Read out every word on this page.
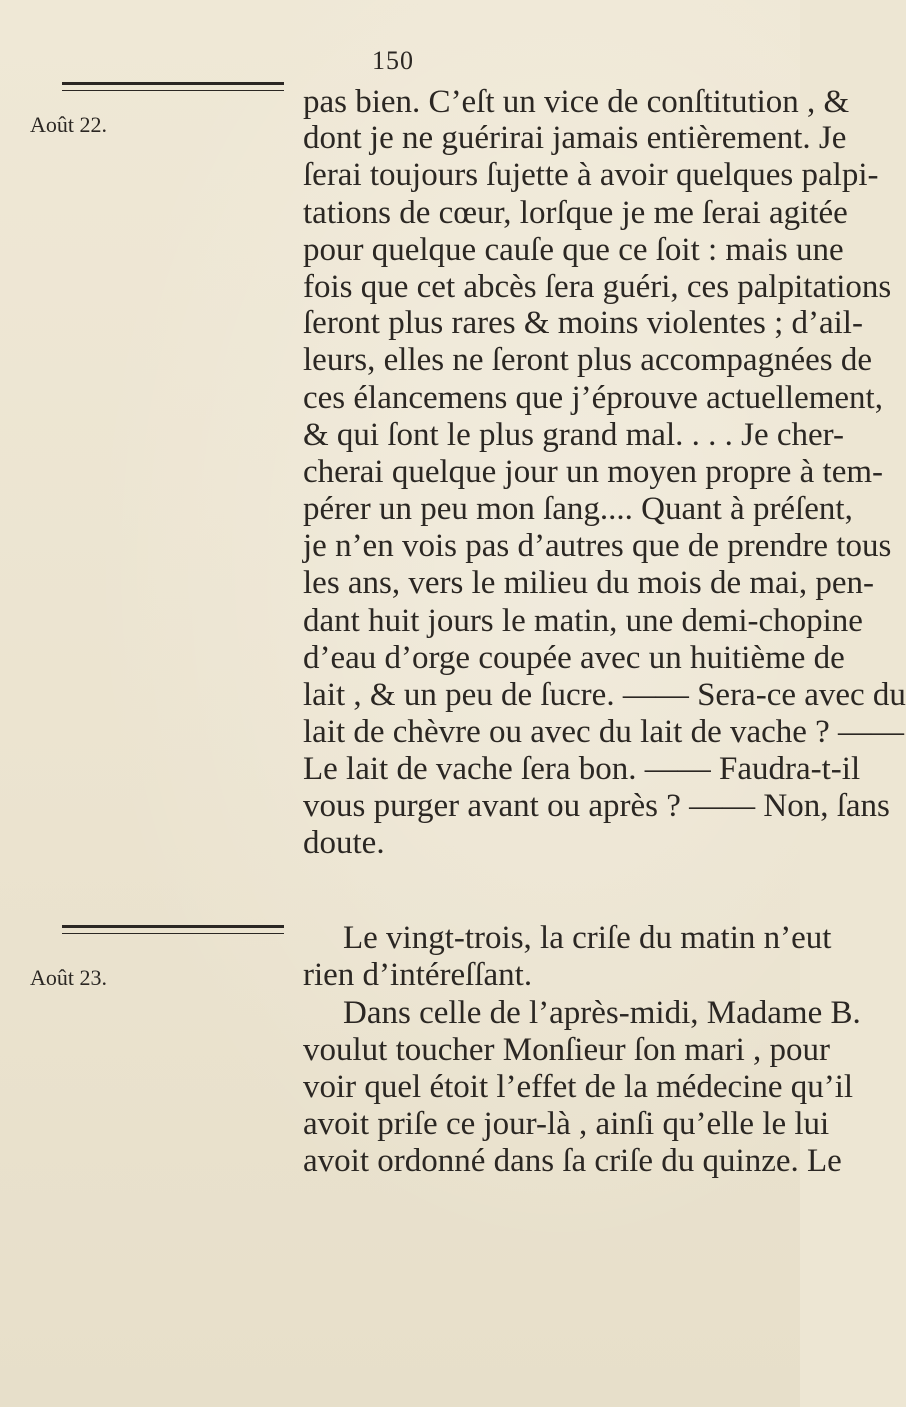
150
Août 22.
Août 23.
pas bien. C’eſt un vice de conſtitution , &
dont je ne guérirai jamais entièrement. Je
ſerai toujours ſujette à avoir quelques palpi-
tations de cœur, lorſque je me ſerai agitée
pour quelque cauſe que ce ſoit : mais une
fois que cet abcès ſera guéri, ces palpitations
ſeront plus rares & moins violentes ; d’ail-
leurs, elles ne ſeront plus accompagnées de
ces élancemens que j’éprouve actuellement,
& qui ſont le plus grand mal. . . . Je cher-
cherai quelque jour un moyen propre à tem-
pérer un peu mon ſang.... Quant à préſent,
je n’en vois pas d’autres que de prendre tous
les ans, vers le milieu du mois de mai, pen-
dant huit jours le matin, une demi-chopine
d’eau d’orge coupée avec un huitième de
lait , & un peu de ſucre. —— Sera-ce avec du
lait de chèvre ou avec du lait de vache ? ——
Le lait de vache ſera bon. —— Faudra-t-il
vous purger avant ou après ? —— Non, ſans
doute.
Le vingt-trois, la criſe du matin n’eut
rien d’intéreſſant.
Dans celle de l’après-midi, Madame B.
voulut toucher Monſieur ſon mari , pour
voir quel étoit l’effet de la médecine qu’il
avoit priſe ce jour-là , ainſi qu’elle le lui
avoit ordonné dans ſa criſe du quinze. Le
